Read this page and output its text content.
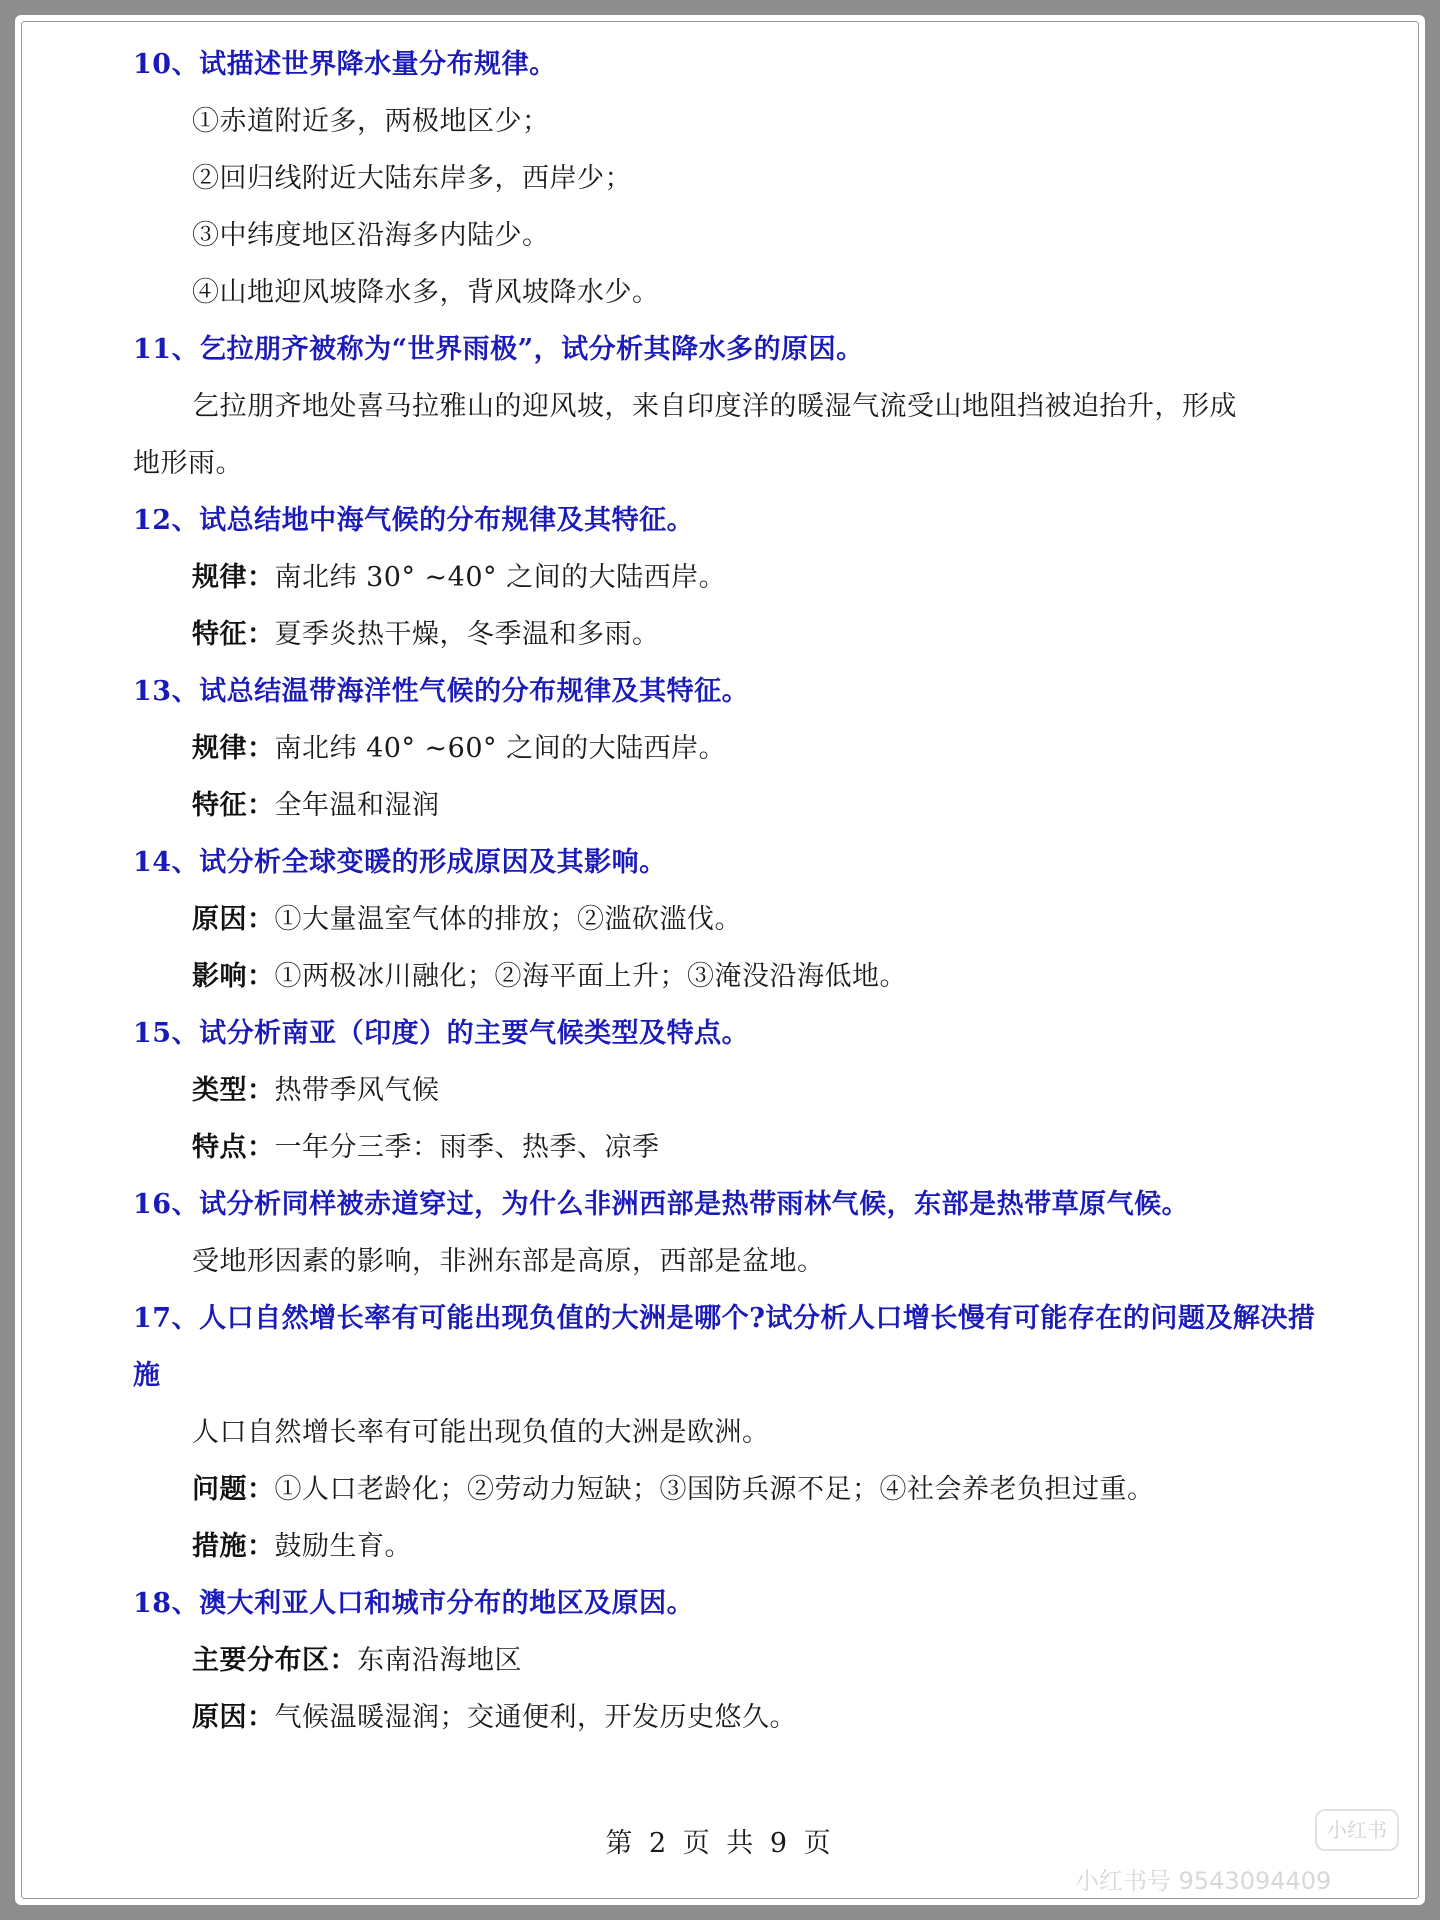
10、试描述世界降水量分布规律。
①赤道附近多，两极地区少；
②回归线附近大陆东岸多，西岸少；
③中纬度地区沿海多内陆少。
④山地迎风坡降水多，背风坡降水少。
11、乞拉朋齐被称为“世界雨极”，试分析其降水多的原因。
乞拉朋齐地处喜马拉雅山的迎风坡，来自印度洋的暖湿气流受山地阻挡被迫抬升，形成
地形雨。
12、试总结地中海气候的分布规律及其特征。
规律：南北纬 30° ~40° 之间的大陆西岸。
特征：夏季炎热干燥，冬季温和多雨。
13、试总结温带海洋性气候的分布规律及其特征。
规律：南北纬 40° ~60° 之间的大陆西岸。
特征：全年温和湿润
14、试分析全球变暖的形成原因及其影响。
原因：①大量温室气体的排放；②滥砍滥伐。
影响：①两极冰川融化；②海平面上升；③淹没沿海低地。
15、试分析南亚（印度）的主要气候类型及特点。
类型：热带季风气候
特点：一年分三季：雨季、热季、凉季
16、试分析同样被赤道穿过，为什么非洲西部是热带雨林气候，东部是热带草原气候。
受地形因素的影响，非洲东部是高原，西部是盆地。
17、人口自然增长率有可能出现负值的大洲是哪个?试分析人口增长慢有可能存在的问题及解决措施
人口自然增长率有可能出现负值的大洲是欧洲。
问题：①人口老龄化；②劳动力短缺；③国防兵源不足；④社会养老负担过重。
措施：鼓励生育。
18、澳大利亚人口和城市分布的地区及原因。
主要分布区：东南沿海地区
原因：气候温暖湿润；交通便利，开发历史悠久。
第 2 页 共 9 页	小红书
小红书号 9543094409
